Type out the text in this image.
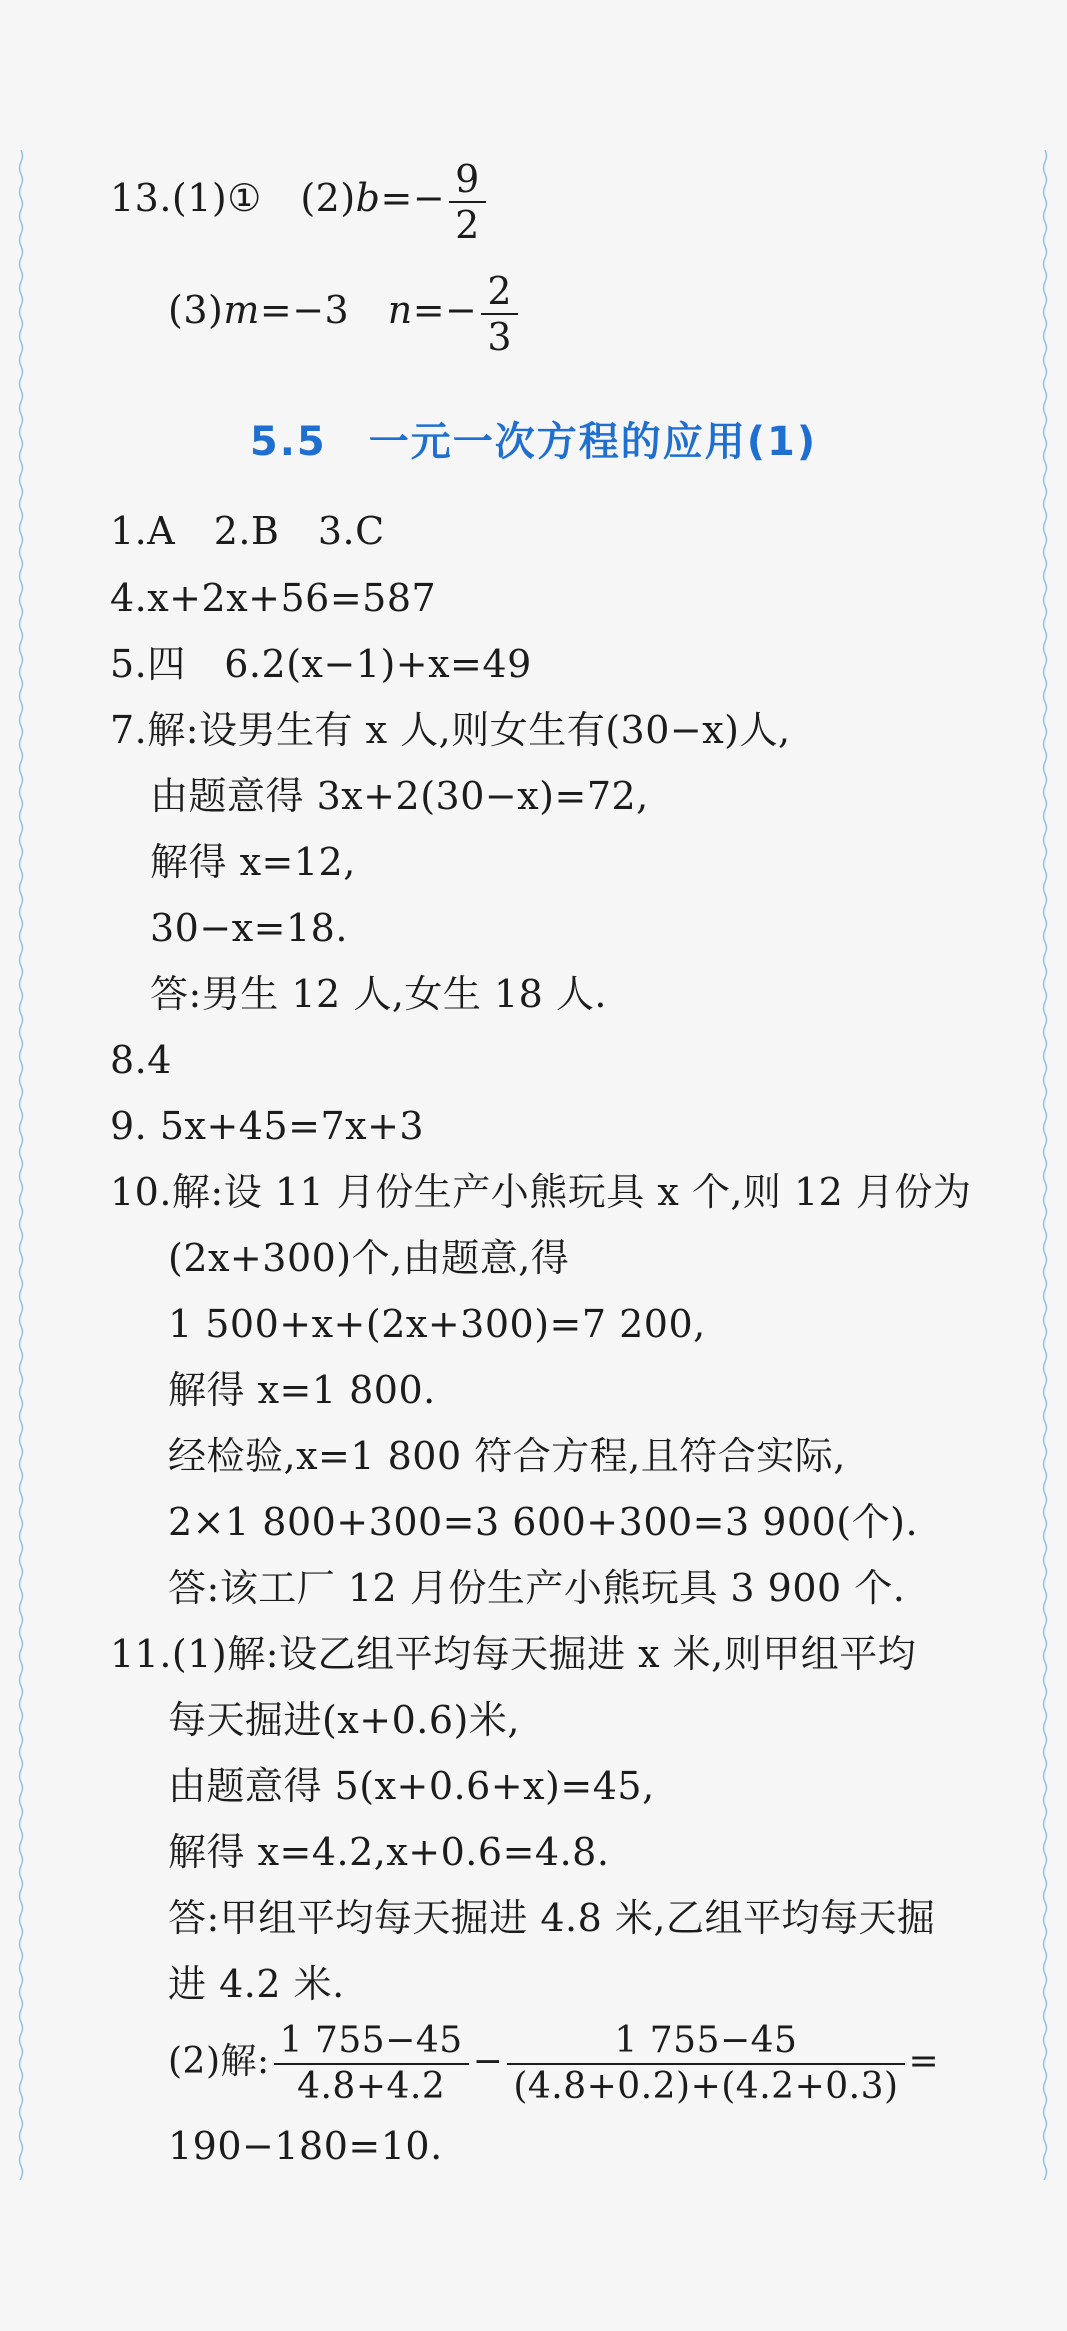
13.(1)①　$(2)b=- \frac{9}{2}$
(3)m=−3　$n=- \frac{2}{3}$
5.5　一元一次方程的应用(1)
1.A　2.B　3.C
4.x+2x+56=587
5.四　6.2(x−1)+x=49
7.解:设男生有 x 人,则女生有(30−x)人,
由题意得 3x+2(30−x)=72,
解得 x=12,
30−x=18.
答:男生 12 人,女生 18 人.
8.4
9. 5x+45=7x+3
10.解:设 11 月份生产小熊玩具 x 个,则 12 月份为
(2x+300)个,由题意,得
1 500+x+(2x+300)=7 200,
解得 x=1 800.
经检验,x=1 800 符合方程,且符合实际,
2×1 800+300=3 600+300=3 900(个).
答:该工厂 12 月份生产小熊玩具 3 900 个.
11.(1)解:设乙组平均每天掘进 x 米,则甲组平均
每天掘进(x+0.6)米,
由题意得 5(x+0.6+x)=45,
解得 x=4.2,x+0.6=4.8.
答:甲组平均每天掘进 4.8 米,乙组平均每天掘
进 4.2 米.
(2)解: $\frac{1 755-45}{4.8+4.2} - \frac{1 755-45}{(4.8+0.2)+(4.2+0.3)}$ =
190−180=10.
